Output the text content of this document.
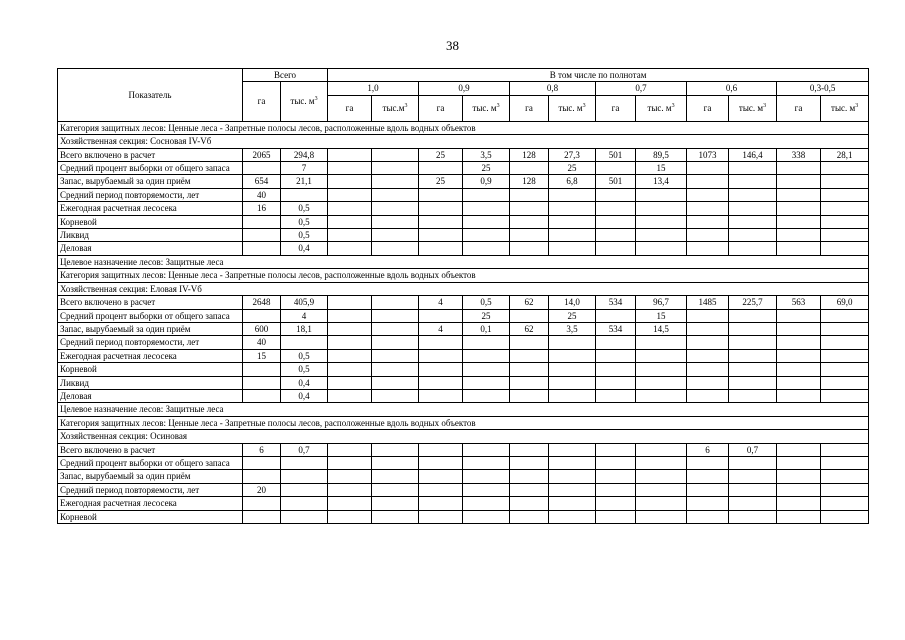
38
Показатель	Всего		В том числе по полнотам											
	га	тыс. $м^3$	1,0		0,9		0,8		0,7		0,6		0,3-0,5	
			га	$тыс.м^3$	га	тыс. $м^3$	га	тыс. $м^3$	га	тыс. $м^3$	га	тыс. $м^3$	га	тыс. $м^3$
Категория защитных лесов: Ценные леса - Запретные полосы лесов, расположенные вдоль водных объектов														
Хозяйственная секция: Сосновая IV-Vб														
Всего включено в расчет	2065	294,8			25	3,5	128	27,3	501	89,5	1073	146,4	338	28,1
Средний процент выборки от общего запаса		7				25		25		15				
Запас, вырубаемый за один приём	654	21,1			25	0,9	128	6,8	501	13,4				
Средний период повторяемости, лет	40													
Ежегодная расчетная лесосека	16	0,5												
Корневой		0,5												
Ликвид		0,5												
Деловая		0,4												
Целевое назначение лесов: Защитные леса														
Категория защитных лесов: Ценные леса - Запретные полосы лесов, расположенные вдоль водных объектов														
Хозяйственная секция: Еловая IV-Vб														
Всего включено в расчет	2648	405,9			4	0,5	62	14,0	534	96,7	1485	225,7	563	69,0
Средний процент выборки от общего запаса		4				25		25		15				
Запас, вырубаемый за один приём	600	18,1			4	0,1	62	3,5	534	14,5				
Средний период повторяемости, лет	40													
Ежегодная расчетная лесосека	15	0,5												
Корневой		0,5												
Ликвид		0,4												
Деловая		0,4												
Целевое назначение лесов: Защитные леса														
Категория защитных лесов: Ценные леса - Запретные полосы лесов, расположенные вдоль водных объектов														
Хозяйственная секция: Осиновая														
Всего включено в расчет	6	0,7									6	0,7		
Средний процент выборки от общего запаса														
Запас, вырубаемый за один приём														
Средний период повторяемости, лет	20													
Ежегодная расчетная лесосека														
Корневой														
